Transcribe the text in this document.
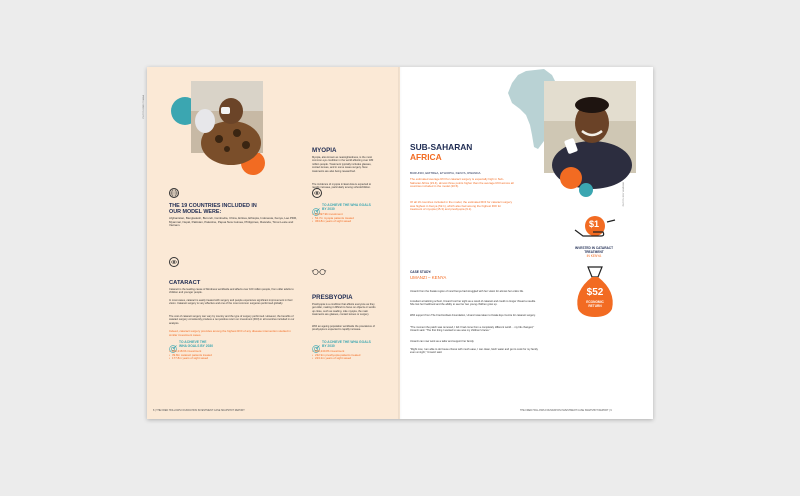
PHOTO: MIKE ITIVANA
THE 19 COUNTRIES INCLUDED IN OUR MODEL WERE:
Afghanistan, Bangladesh, Burundi, Cambodia, China, Eritrea, Ethiopia, Indonesia, Kenya, Lao PDR, Myanmar, Nepal, Pakistan, Palestine, Papua New Guinea, Philippines, Rwanda, Timor-Leste and Vietnam.
CATARACT
Cataract is the leading cause of blindness worldwide and affects over 100 million people, from older adults to children and younger people.
In most cases, cataract is easily treated with surgery and people experience significant improvement in their vision. Cataract surgery is very effective and one of the most common surgeries performed globally.
The cost of cataract surgery can vary by country and the type of surgery performed. However, the benefits of cataract surgery consistently produce a net positive return on investment (ROI) in all countries included in our analysis.
Indeed, cataract surgery provides among the highest ROI of any disease intervention studied in similar investment cases.
TO ACHIEVE THE WHA GOALS BY 2030
• $25,218.6b investment
• 39.8m cataract patients treated
• 177.8m years of sight saved
MYOPIA
Myopia, also known as nearsightedness, is the most common eye condition in the world affecting over 180 million people. Treatment typically includes glasses, contact lenses, and in some cases surgery. New treatments are also being researched.
The incidence of myopia in East Asia is expected to rapidly increase, particularly among schoolchildren.
TO ACHIEVE THE WHA GOALS BY 2030
• $1,697.9b investment
• 52.7m myopia patients treated
• 363.8m years of sight saved
PRESBYOPIA
Presbyopia is a condition that affects everyone as they get older, making it difficult to focus on objects or words up close, such as reading. Like myopia, the main treatments are glasses, contact lenses or surgery.
With an ageing population worldwide the prevalence of presbyopia is expected to rapidly increase.
TO ACHIEVE THE WHA GOALS BY 2030
• $25,240.8b investment
• 232.9m presbyopia patients treated
• 223.2m years of sight saved
8 | THE FRED HOLLOWS FOUNDATION INVESTMENT CASE SNAPSHOT REPORT
PHOTO: ROY LEMMING
SUB-SAHARAN
AFRICA
BURUNDI, ERITREA, ETHIOPIA, KENYA, RWANDA
The estimated average ROI for cataract surgery is especially high in Sub-Saharan Africa (23.4), almost three points higher than the average ROI across all countries included in the model (20.5).
Of all 19 countries included in the model, the estimated ROI for cataract surgery was highest in Kenya (52.1), which also had among the highest ROI for treatment of myopia (15.3) and presbyopia (9.1).
CASE STUDY:
UMANZI – KENYA
Umanzi from the Kwale region of rural Kenya had struggled with her vision for almost her entire life.
A student at tailoring school, Umanzi lost her sight as a result of cataract and could no longer thread a needle. She lost her livelihood and the ability to see her two young children grow up.
With support from The Fred Hollows Foundation, Umanzi was taken to Kwale Eye Centre for cataract surgery.
"The moment the patch was removed, I felt I had come from a completely different world… my life changed," Umanzi said. "The first thing I wanted to see was my children's faces."
Umanzi can now work as a tailor and support her family.
"Right now, I am able to do house chores with much ease, I can clean, fetch water and get to cook for my family even at night," Umanzi said.
$1
INVESTED IN CATARACT TREATMENT
IN KENYA
$52
ECONOMIC RETURN
THE FRED HOLLOWS FOUNDATION INVESTMENT CASE SNAPSHOT REPORT | 9
